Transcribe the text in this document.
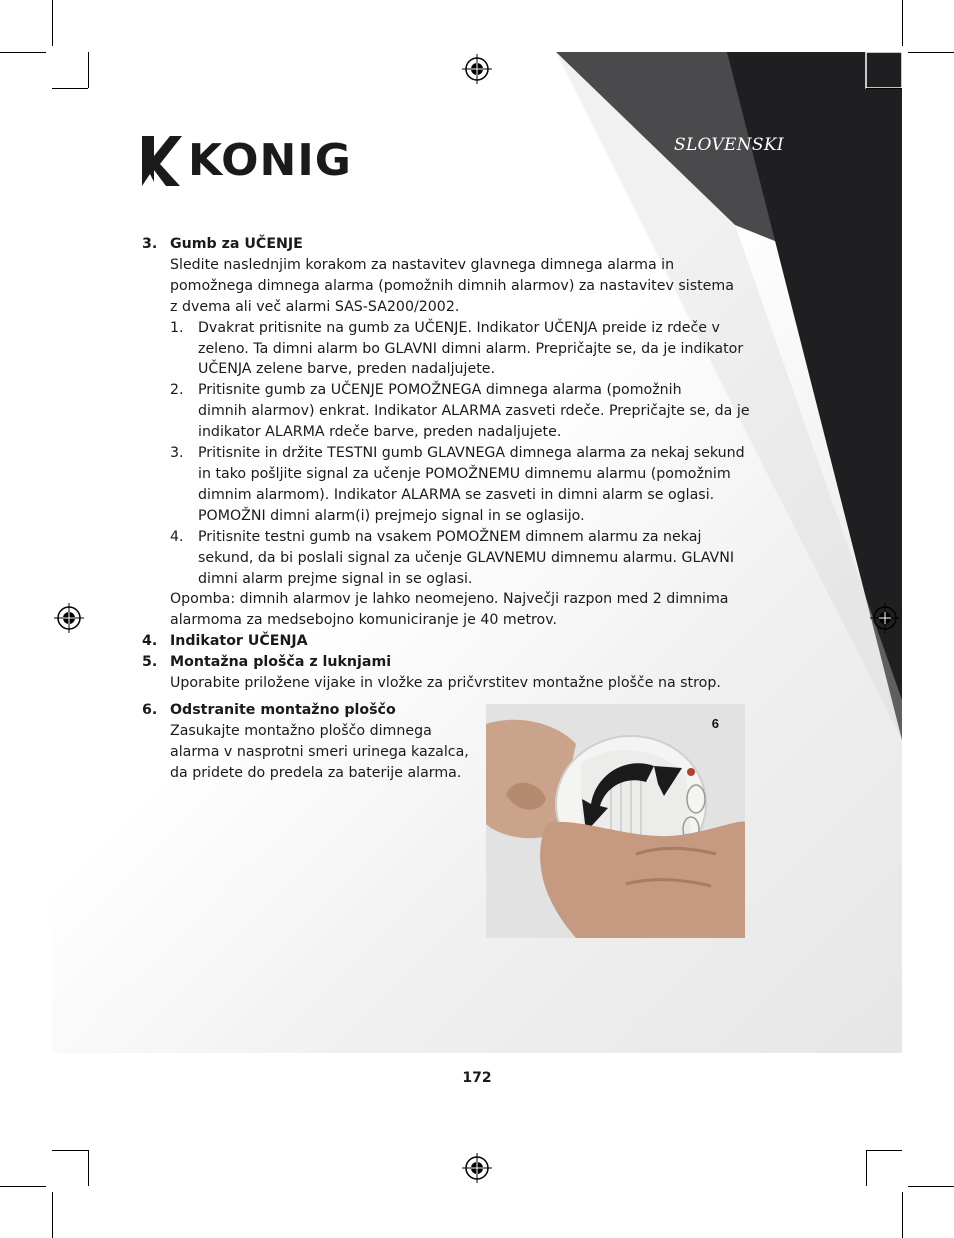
KONIG	SLOVENSKI
3. Gumb za UČENJE
Sledite naslednjim korakom za nastavitev glavnega dimnega alarma in
pomožnega dimnega alarma (pomožnih dimnih alarmov) za nastavitev sistema
z dvema ali več alarmi SAS-SA200/2002.
1. Dvakrat pritisnite na gumb za UČENJE. Indikator UČENJA preide iz rdeče v
zeleno. Ta dimni alarm bo GLAVNI dimni alarm. Prepričajte se, da je indikator
UČENJA zelene barve, preden nadaljujete.
2. Pritisnite gumb za UČENJE POMOŽNEGA dimnega alarma (pomožnih
dimnih alarmov) enkrat. Indikator ALARMA zasveti rdeče. Prepričajte se, da je
indikator ALARMA rdeče barve, preden nadaljujete.
3. Pritisnite in držite TESTNI gumb GLAVNEGA dimnega alarma za nekaj sekund
in tako pošljite signal za učenje POMOŽNEMU dimnemu alarmu (pomožnim
dimnim alarmom). Indikator ALARMA se zasveti in dimni alarm se oglasi.
POMOŽNI dimni alarm(i) prejmejo signal in se oglasijo.
4. Pritisnite testni gumb na vsakem POMOŽNEM dimnem alarmu za nekaj
sekund, da bi poslali signal za učenje GLAVNEMU dimnemu alarmu. GLAVNI
dimni alarm prejme signal in se oglasi.
Opomba: dimnih alarmov je lahko neomejeno. Največji razpon med 2 dimnima
alarmoma za medsebojno komuniciranje je 40 metrov.
4. Indikator UČENJA
5. Montažna plošča z luknjami
Uporabite priložene vijake in vložke za pričvrstitev montažne plošče na strop.
6. Odstranite montažno ploščo
Zasukajte montažno ploščo dimnega
alarma v nasprotni smeri urinega kazalca,
da pridete do predela za baterije alarma.
6
172
